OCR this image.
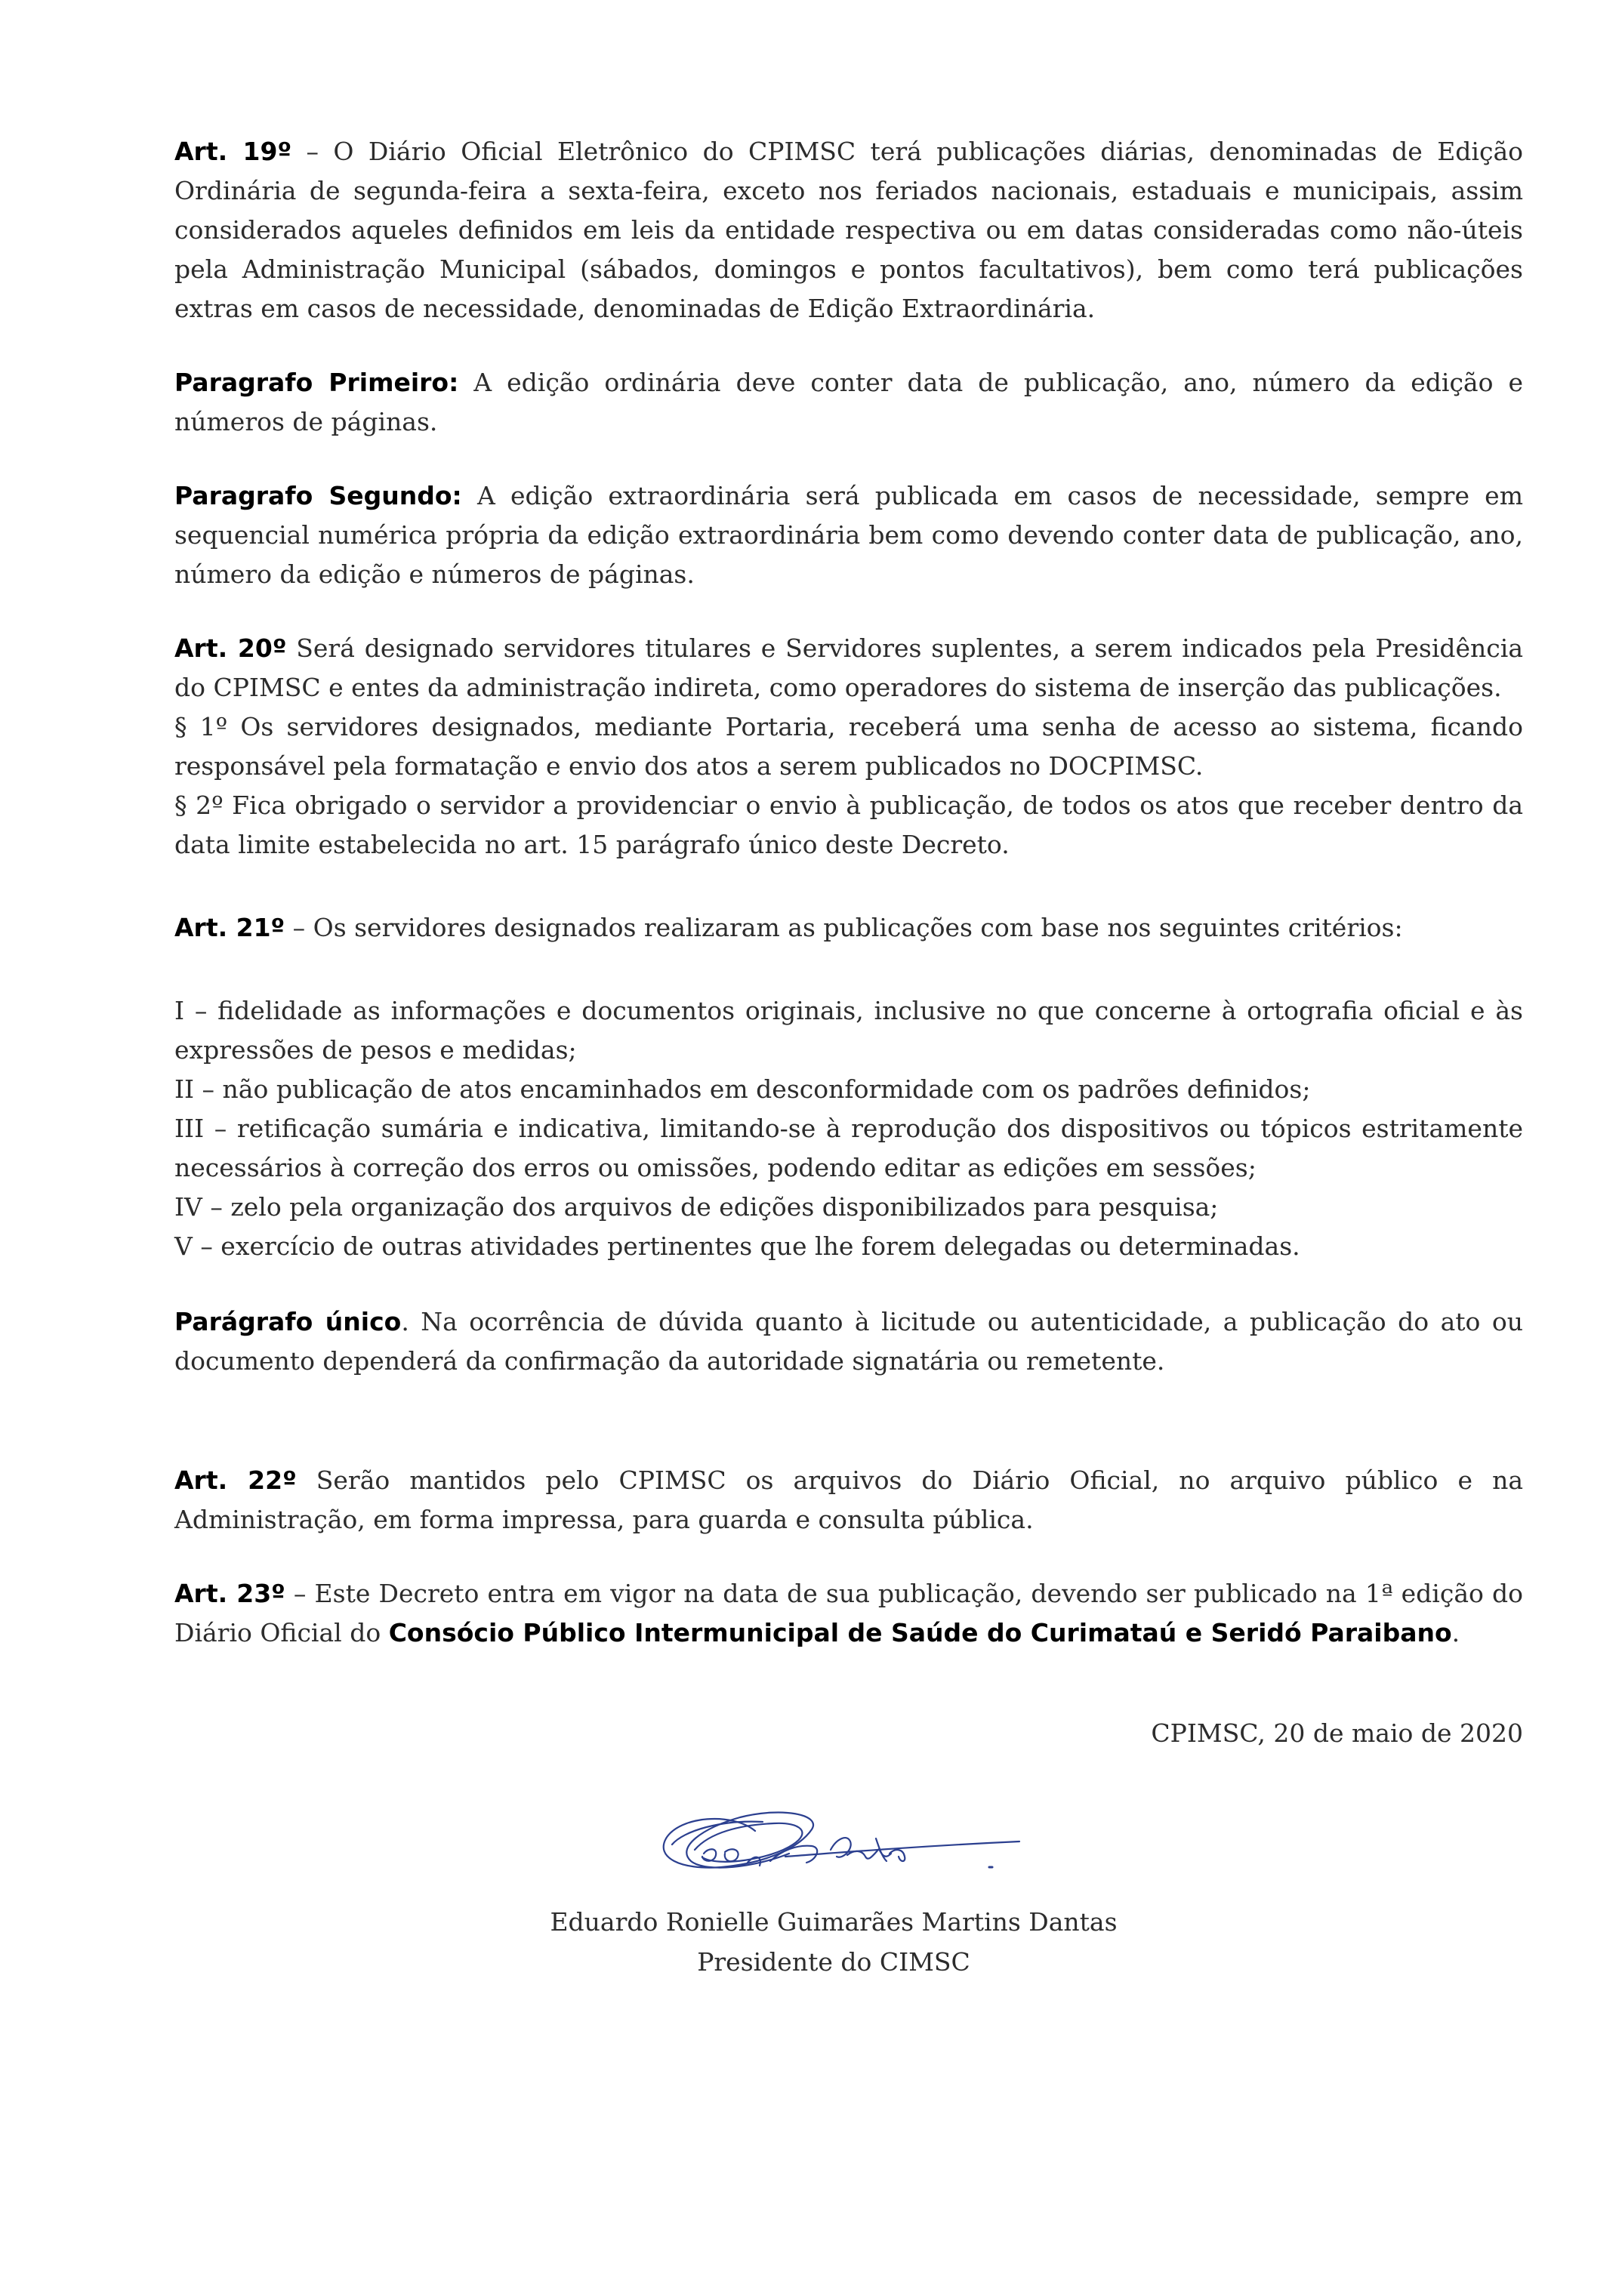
Art. 19º – O Diário Oficial Eletrônico do CPIMSC terá publicações diárias, denominadas de Edição Ordinária de segunda-feira a sexta-feira, exceto nos feriados nacionais, estaduais e municipais, assim considerados aqueles definidos em leis da entidade respectiva ou em datas consideradas como não-úteis pela Administração Municipal (sábados, domingos e pontos facultativos), bem como terá publicações extras em casos de necessidade, denominadas de Edição Extraordinária.

Paragrafo Primeiro: A edição ordinária deve conter data de publicação, ano, número da edição e números de páginas.

Paragrafo Segundo: A edição extraordinária será publicada em casos de necessidade, sempre em sequencial numérica própria da edição extraordinária bem como devendo conter data de publicação, ano, número da edição e números de páginas.

Art. 20º Será designado servidores titulares e Servidores suplentes, a serem indicados pela Presidência do CPIMSC e entes da administração indireta, como operadores do sistema de inserção das publicações.

§ 1º Os servidores designados, mediante Portaria, receberá uma senha de acesso ao sistema, ficando responsável pela formatação e envio dos atos a serem publicados no DOCPIMSC.

§ 2º Fica obrigado o servidor a providenciar o envio à publicação, de todos os atos que receber dentro da data limite estabelecida no art. 15 parágrafo único deste Decreto.

Art. 21º – Os servidores designados realizaram as publicações com base nos seguintes critérios:

I – fidelidade as informações e documentos originais, inclusive no que concerne à ortografia oficial e às expressões de pesos e medidas;

II – não publicação de atos encaminhados em desconformidade com os padrões definidos;

III – retificação sumária e indicativa, limitando-se à reprodução dos dispositivos ou tópicos estritamente necessários à correção dos erros ou omissões, podendo editar as edições em sessões;

IV – zelo pela organização dos arquivos de edições disponibilizados para pesquisa;

V – exercício de outras atividades pertinentes que lhe forem delegadas ou determinadas.

Parágrafo único. Na ocorrência de dúvida quanto à licitude ou autenticidade, a publicação do ato ou documento dependerá da confirmação da autoridade signatária ou remetente.

Art. 22º Serão mantidos pelo CPIMSC os arquivos do Diário Oficial, no arquivo público e na Administração, em forma impressa, para guarda e consulta pública.

Art. 23º – Este Decreto entra em vigor na data de sua publicação, devendo ser publicado na 1ª edição do Diário Oficial do Consócio Público Intermunicipal de Saúde do Curimataú e Seridó Paraibano.

CPIMSC, 20 de maio de 2020
Eduardo Ronielle Guimarães Martins Dantas
Presidente do CIMSC
